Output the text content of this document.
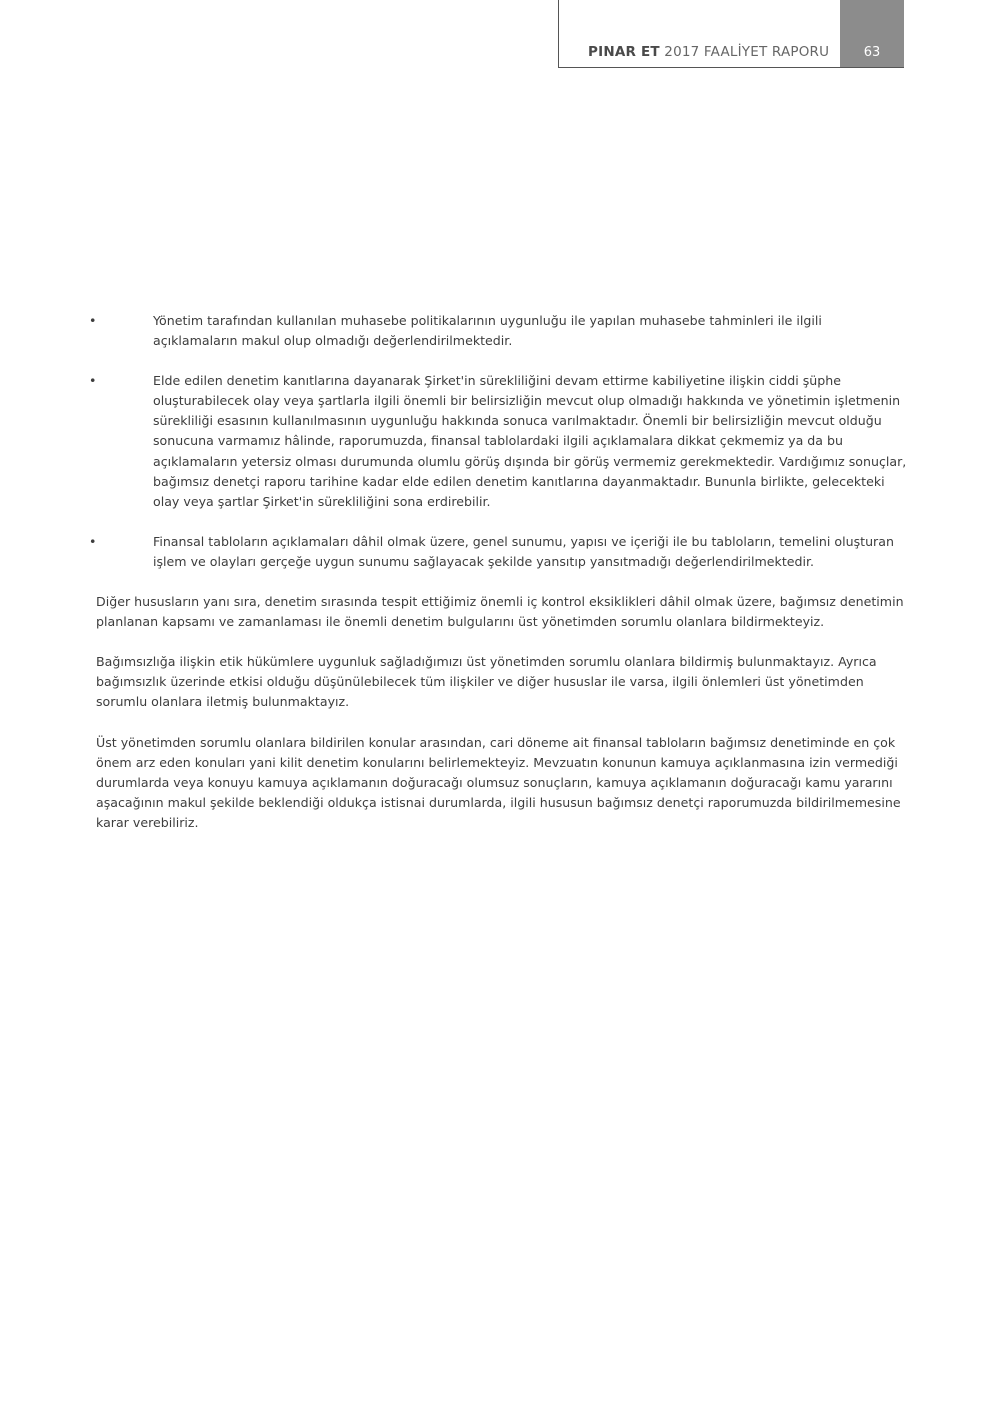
PINAR ET 2017 FAALİYET RAPORU	63
•	Yönetim tarafından kullanılan muhasebe politikalarının uygunluğu ile yapılan muhasebe tahminleri ile ilgili açıklamaların makul olup olmadığı değerlendirilmektedir.
•	Elde edilen denetim kanıtlarına dayanarak Şirket'in sürekliliğini devam ettirme kabiliyetine ilişkin ciddi şüphe oluşturabilecek olay veya şartlarla ilgili önemli bir belirsizliğin mevcut olup olmadığı hakkında ve yönetimin işletmenin sürekliliği esasının kullanılmasının uygunluğu hakkında sonuca varılmaktadır. Önemli bir belirsizliğin mevcut olduğu sonucuna varmamız hâlinde, raporumuzda, finansal tablolardaki ilgili açıklamalara dikkat çekmemiz ya da bu açıklamaların yetersiz olması durumunda olumlu görüş dışında bir görüş vermemiz gerekmektedir. Vardığımız sonuçlar, bağımsız denetçi raporu tarihine kadar elde edilen denetim kanıtlarına dayanmaktadır. Bununla birlikte, gelecekteki olay veya şartlar Şirket'in sürekliliğini sona erdirebilir.
•	Finansal tabloların açıklamaları dâhil olmak üzere, genel sunumu, yapısı ve içeriği ile bu tabloların, temelini oluşturan işlem ve olayları gerçeğe uygun sunumu sağlayacak şekilde yansıtıp yansıtmadığı değerlendirilmektedir.

Diğer hususların yanı sıra, denetim sırasında tespit ettiğimiz önemli iç kontrol eksiklikleri dâhil olmak üzere, bağımsız denetimin planlanan kapsamı ve zamanlaması ile önemli denetim bulgularını üst yönetimden sorumlu olanlara bildirmekteyiz.

Bağımsızlığa ilişkin etik hükümlere uygunluk sağladığımızı üst yönetimden sorumlu olanlara bildirmiş bulunmaktayız. Ayrıca bağımsızlık üzerinde etkisi olduğu düşünülebilecek tüm ilişkiler ve diğer hususlar ile varsa, ilgili önlemleri üst yönetimden sorumlu olanlara iletmiş bulunmaktayız.

Üst yönetimden sorumlu olanlara bildirilen konular arasından, cari döneme ait finansal tabloların bağımsız denetiminde en çok önem arz eden konuları yani kilit denetim konularını belirlemekteyiz. Mevzuatın konunun kamuya açıklanmasına izin vermediği durumlarda veya konuyu kamuya açıklamanın doğuracağı olumsuz sonuçların, kamuya açıklamanın doğuracağı kamu yararını aşacağının makul şekilde beklendiği oldukça istisnai durumlarda, ilgili hususun bağımsız denetçi raporumuzda bildirilmemesine karar verebiliriz.
